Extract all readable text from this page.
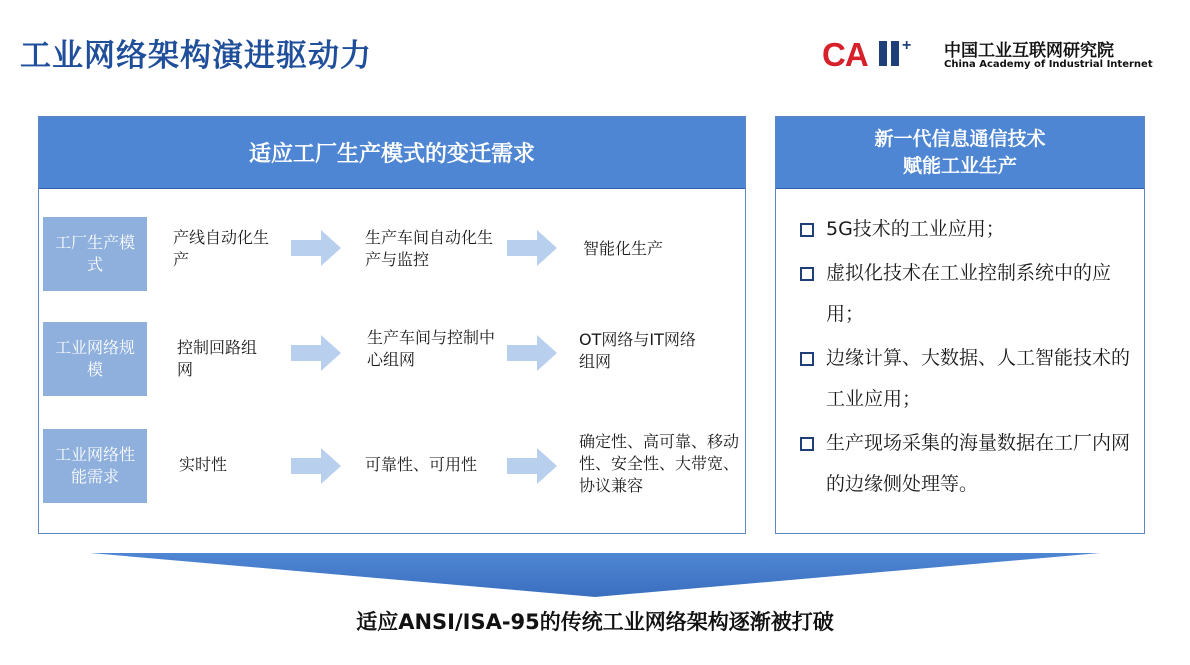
工业网络架构演进驱动力	CA + 中国工业互联网研究院
China Academy of Industrial Internet
适应工厂生产模式的变迁需求
工厂生产模式
产线自动化生产
生产车间自动化生产与监控
智能化生产
工业网络规模
控制回路组网
生产车间与控制中心组网
OT网络与IT网络组网
工业网络性能需求
实时性	可靠性、可用性
确定性、高可靠、移动性、安全性、大带宽、协议兼容
新一代信息通信技术
赋能工业生产
5G技术的工业应用；
虚拟化技术在工业控制系统中的应用；
边缘计算、大数据、人工智能技术的工业应用；
生产现场采集的海量数据在工厂内网的边缘侧处理等。
适应ANSI/ISA-95的传统工业网络架构逐渐被打破
